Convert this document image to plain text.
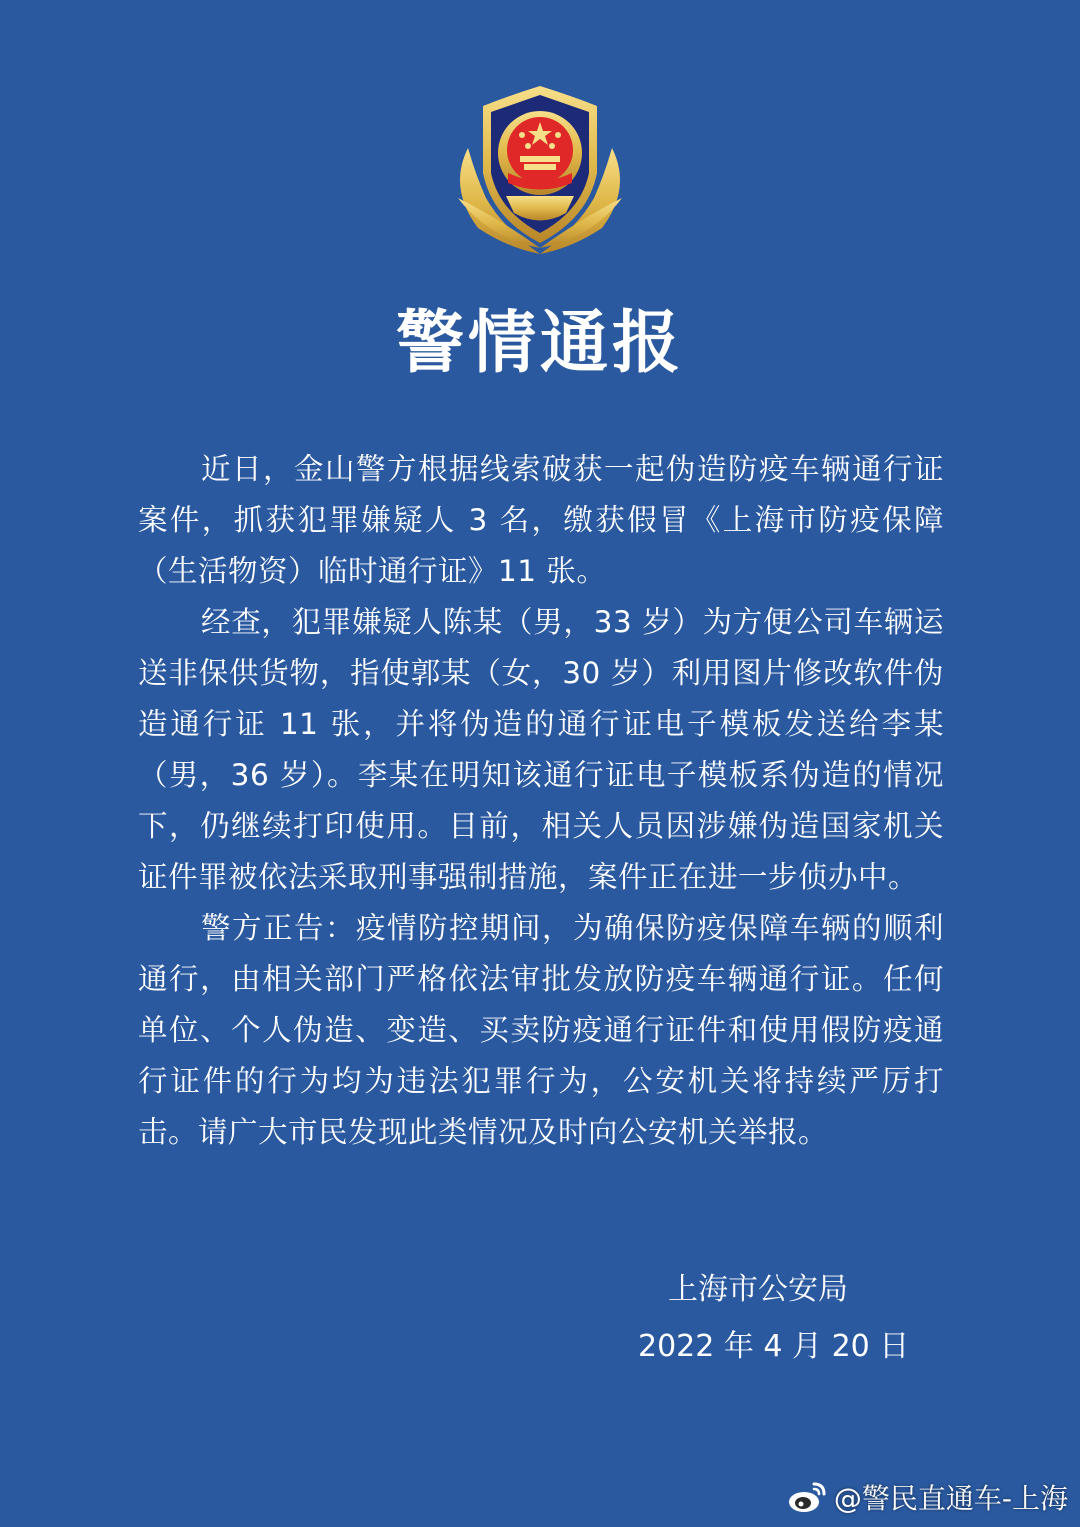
警情通报

近日，金山警方根据线索破获一起伪造防疫车辆通行证案件，抓获犯罪嫌疑人 3 名，缴获假冒《上海市防疫保障（生活物资）临时通行证》11 张。

经查，犯罪嫌疑人陈某（男，33 岁）为方便公司车辆运送非保供货物，指使郭某（女，30 岁）利用图片修改软件伪造通行证 11 张，并将伪造的通行证电子模板发送给李某（男，36 岁）。李某在明知该通行证电子模板系伪造的情况下，仍继续打印使用。目前，相关人员因涉嫌伪造国家机关证件罪被依法采取刑事强制措施，案件正在进一步侦办中。

警方正告：疫情防控期间，为确保防疫保障车辆的顺利通行，由相关部门严格依法审批发放防疫车辆通行证。任何单位、个人伪造、变造、买卖防疫通行证件和使用假防疫通行证件的行为均为违法犯罪行为，公安机关将持续严厉打击。请广大市民发现此类情况及时向公安机关举报。

上海市公安局
2022 年 4 月 20 日
@警民直通车-上海
